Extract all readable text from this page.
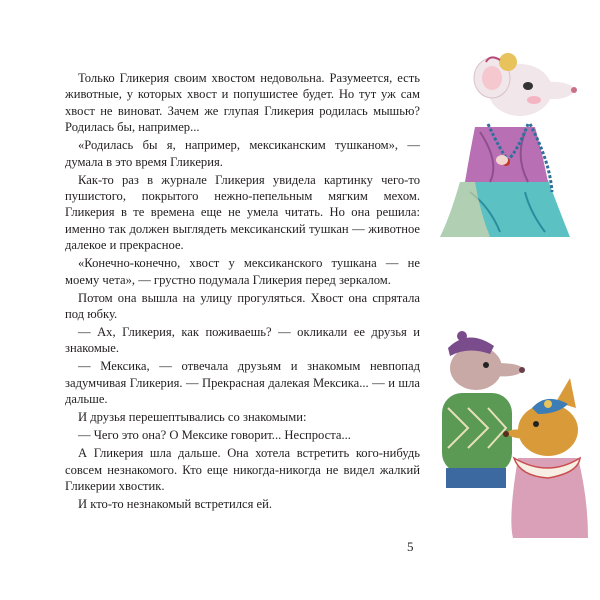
Только Гликерия своим хвостом недовольна. Разумеется, есть животные, у которых хвост и попушистее будет. Но тут уж сам хвост не виноват. Зачем же глупая Гликерия родилась мышью? Родилась бы, например...

«Родилась бы я, например, мексиканским тушканом», — думала в это время Гликерия.

Как-то раз в журнале Гликерия увидела картинку чего-то пушистого, покрытого нежно-пепельным мягким мехом. Гликерия в те времена еще не умела читать. Но она решила: именно так должен выглядеть мексиканский тушкан — животное далекое и прекрасное.

«Конечно-конечно, хвост у мексиканского тушкана — не моему чета», — грустно подумала Гликерия перед зеркалом.

Потом она вышла на улицу прогуляться. Хвост она спрятала под юбку.

— Ах, Гликерия, как поживаешь? — окликали ее друзья и знакомые.

— Мексика, — отвечала друзьям и знакомым невпопад задумчивая Гликерия. — Прекрасная далекая Мексика... — и шла дальше.

И друзья перешептывались со знакомыми:

— Чего это она? О Мексике говорит... Неспроста...

А Гликерия шла дальше. Она хотела встретить кого-нибудь совсем незнакомого. Кто еще никогда-никогда не видел жалкий Гликерии хвостик.

И кто-то незнакомый встретился ей.

5
